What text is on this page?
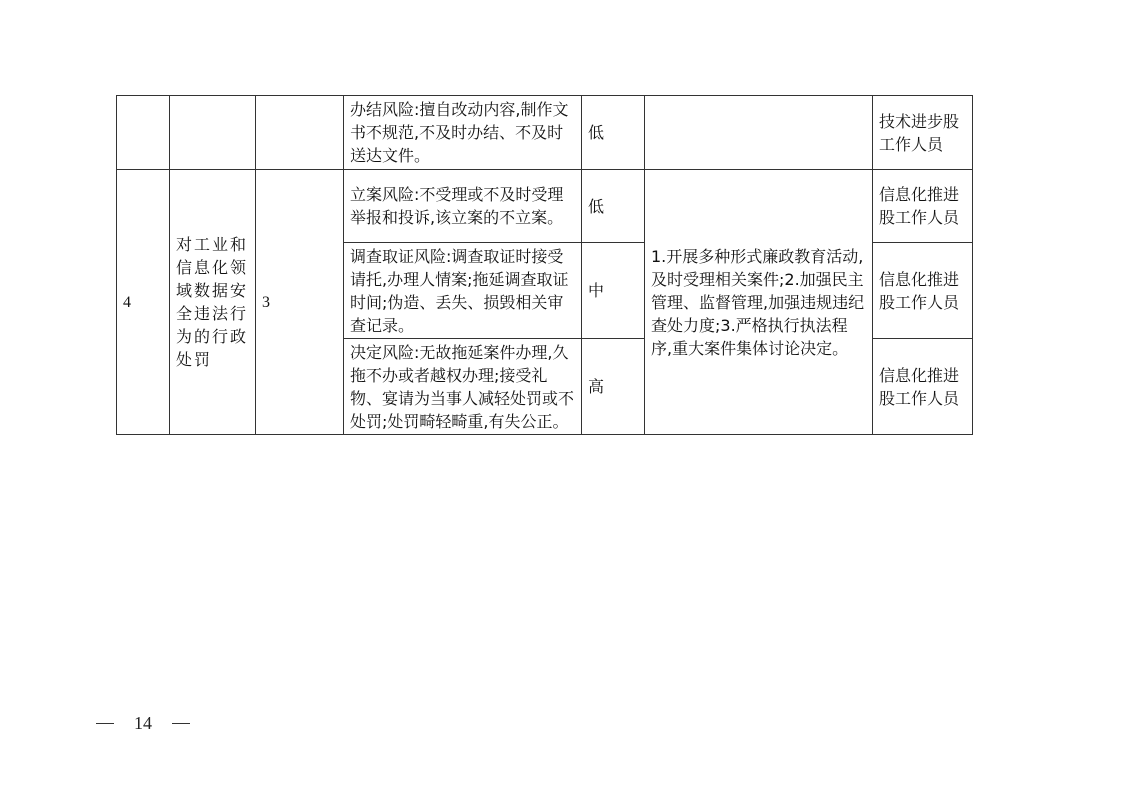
			办结风险:擅自改动内容,制作文书不规范,不及时办结、不及时送达文件。	低		技术进步股工作人员
4	对工业和信息化领域数据安全违法行为的行政处罚	3	立案风险:不受理或不及时受理举报和投诉,该立案的不立案。	低	1.开展多种形式廉政教育活动,及时受理相关案件;2.加强民主管理、监督管理,加强违规违纪查处力度;3.严格执行执法程序,重大案件集体讨论决定。	信息化推进股工作人员
			调查取证风险:调查取证时接受请托,办理人情案;拖延调查取证时间;伪造、丢失、损毁相关审查记录。	中		信息化推进股工作人员
			决定风险:无故拖延案件办理,久拖不办或者越权办理;接受礼物、宴请为当事人减轻处罚或不处罚;处罚畸轻畸重,有失公正。	高		信息化推进股工作人员
14
